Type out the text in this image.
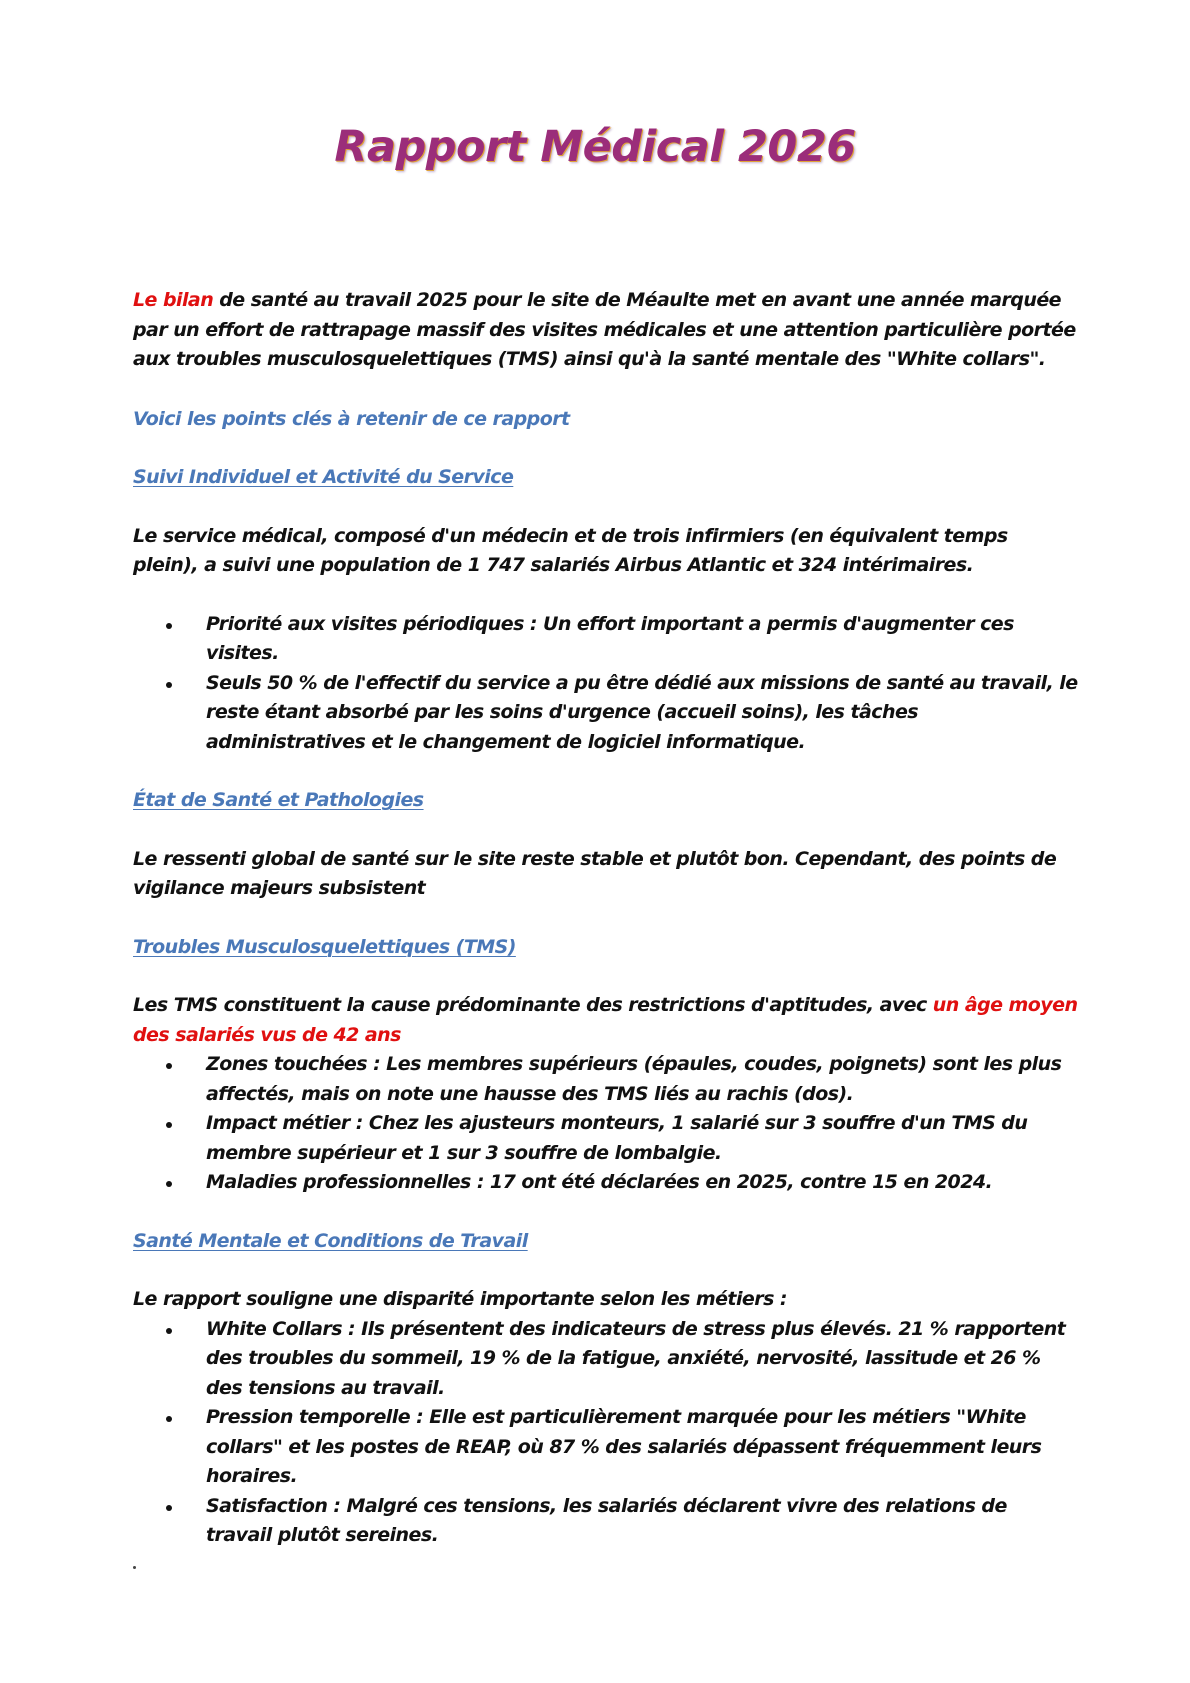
Rapport Médical 2026

Le bilan de santé au travail 2025 pour le site de Méaulte met en avant une année marquée par un effort de rattrapage massif des visites médicales et une attention particulière portée aux troubles musculosquelettiques (TMS) ainsi qu'à la santé mentale des "White collars".

Voici les points clés à retenir de ce rapport

Suivi Individuel et Activité du Service

Le service médical, composé d'un médecin et de trois infirmiers (en équivalent temps plein), a suivi une population de 1 747 salariés Airbus Atlantic et 324 intérimaires.

Priorité aux visites périodiques : Un effort important a permis d'augmenter ces visites.
Seuls 50 % de l'effectif du service a pu être dédié aux missions de santé au travail, le reste étant absorbé par les soins d'urgence (accueil soins), les tâches administratives et le changement de logiciel informatique.

État de Santé et Pathologies

Le ressenti global de santé sur le site reste stable et plutôt bon. Cependant, des points de vigilance majeurs subsistent

Troubles Musculosquelettiques (TMS)

Les TMS constituent la cause prédominante des restrictions d'aptitudes, avec un âge moyen des salariés vus de 42 ans

Zones touchées : Les membres supérieurs (épaules, coudes, poignets) sont les plus affectés, mais on note une hausse des TMS liés au rachis (dos).
Impact métier : Chez les ajusteurs monteurs, 1 salarié sur 3 souffre d'un TMS du membre supérieur et 1 sur 3 souffre de lombalgie.
Maladies professionnelles : 17 ont été déclarées en 2025, contre 15 en 2024.

Santé Mentale et Conditions de Travail

Le rapport souligne une disparité importante selon les métiers :

White Collars : Ils présentent des indicateurs de stress plus élevés. 21 % rapportent des troubles du sommeil, 19 % de la fatigue, anxiété, nervosité, lassitude et 26 % des tensions au travail.
Pression temporelle : Elle est particulièrement marquée pour les métiers "White collars" et les postes de REAP, où 87 % des salariés dépassent fréquemment leurs horaires.
Satisfaction : Malgré ces tensions, les salariés déclarent vivre des relations de travail plutôt sereines.
